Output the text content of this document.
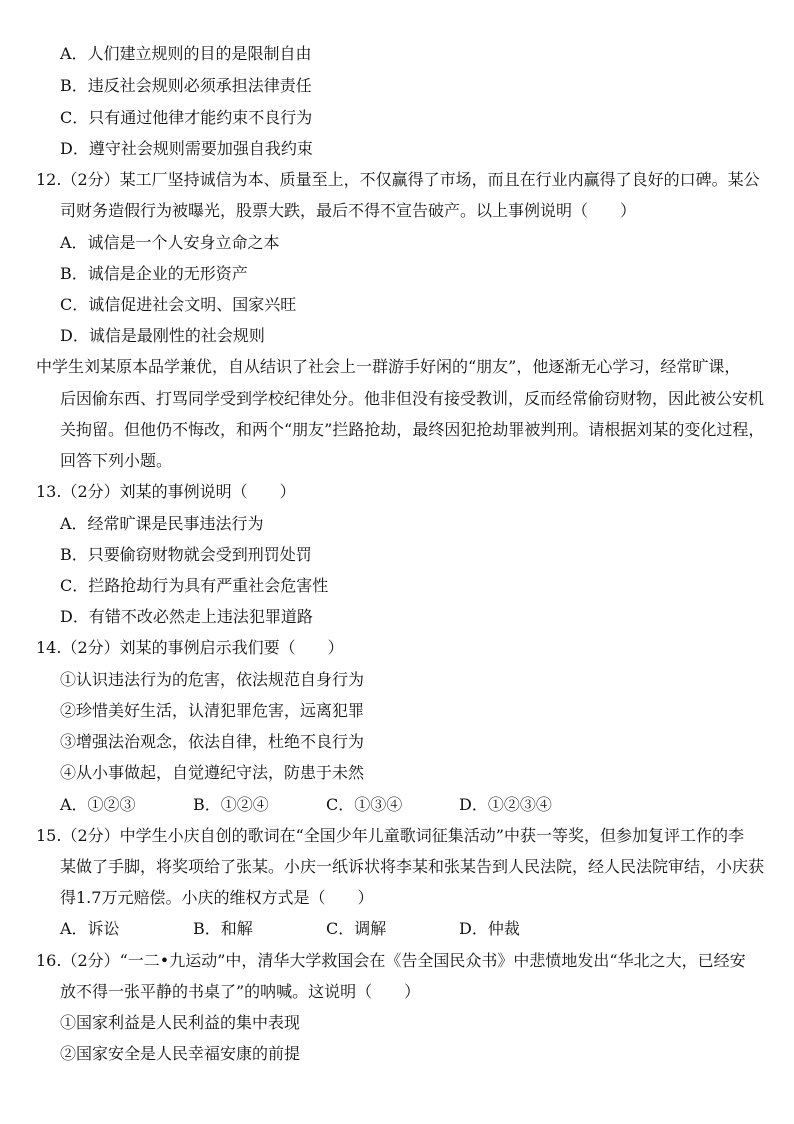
A．人们建立规则的目的是限制自由
B．违反社会规则必须承担法律责任
C．只有通过他律才能约束不良行为
D．遵守社会规则需要加强自我约束
12.（2分）某工厂坚持诚信为本、质量至上，不仅赢得了市场，而且在行业内赢得了良好的口碑。某公
司财务造假行为被曝光，股票大跌，最后不得不宣告破产。以上事例说明（　　）
A．诚信是一个人安身立命之本
B．诚信是企业的无形资产
C．诚信促进社会文明、国家兴旺
D．诚信是最刚性的社会规则
中学生刘某原本品学兼优，自从结识了社会上一群游手好闲的“朋友”，他逐渐无心学习，经常旷课，
后因偷东西、打骂同学受到学校纪律处分。他非但没有接受教训，反而经常偷窃财物，因此被公安机
关拘留。但他仍不悔改，和两个“朋友”拦路抢劫，最终因犯抢劫罪被判刑。请根据刘某的变化过程，
回答下列小题。
13.（2分）刘某的事例说明（　　）
A．经常旷课是民事违法行为
B．只要偷窃财物就会受到刑罚处罚
C．拦路抢劫行为具有严重社会危害性
D．有错不改必然走上违法犯罪道路
14.（2分）刘某的事例启示我们要（　　）
①认识违法行为的危害，依法规范自身行为
②珍惜美好生活，认清犯罪危害，远离犯罪
③增强法治观念，依法自律，杜绝不良行为
④从小事做起，自觉遵纪守法，防患于未然
A．①②③	B．①②④	C．①③④	D．①②③④
15.（2分）中学生小庆自创的歌词在“全国少年儿童歌词征集活动”中获一等奖，但参加复评工作的李
某做了手脚，将奖项给了张某。小庆一纸诉状将李某和张某告到人民法院，经人民法院审结，小庆获
得1.7万元赔偿。小庆的维权方式是（　　）
A．诉讼	B．和解	C．调解	D．仲裁
16.（2分）“一二•九运动”中，清华大学救国会在《告全国民众书》中悲愤地发出“华北之大，已经安
放不得一张平静的书桌了”的呐喊。这说明（　　）
①国家利益是人民利益的集中表现
②国家安全是人民幸福安康的前提
